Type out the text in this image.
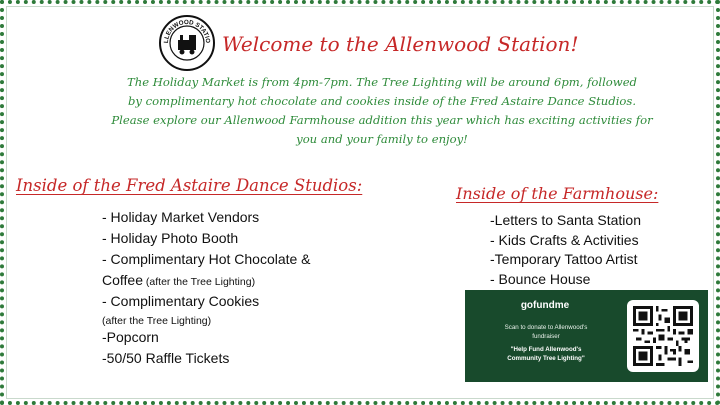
LLENWOOD STATIO Welcome to the Allenwood Station!
The Holiday Market is from 4pm-7pm. The Tree Lighting will be around 6pm, followed
by complimentary hot chocolate and cookies inside of the Fred Astaire Dance Studios.
Please explore our Allenwood Farmhouse addition this year which has exciting activities for
you and your family to enjoy!
Inside of the Fred Astaire Dance Studios:
- Holiday Market Vendors
- Holiday Photo Booth
- Complimentary Hot Chocolate &
Coffee (after the Tree Lighting)
- Complimentary Cookies
(after the Tree Lighting)
-Popcorn
-50/50 Raffle Tickets
Inside of the Farmhouse:
-Letters to Santa Station
- Kids Crafts & Activities
-Temporary Tattoo Artist
- Bounce House
gofundme
Scan to donate to Allenwood's
fundraiser
"Help Fund Allenwood's
Community Tree Lighting"
